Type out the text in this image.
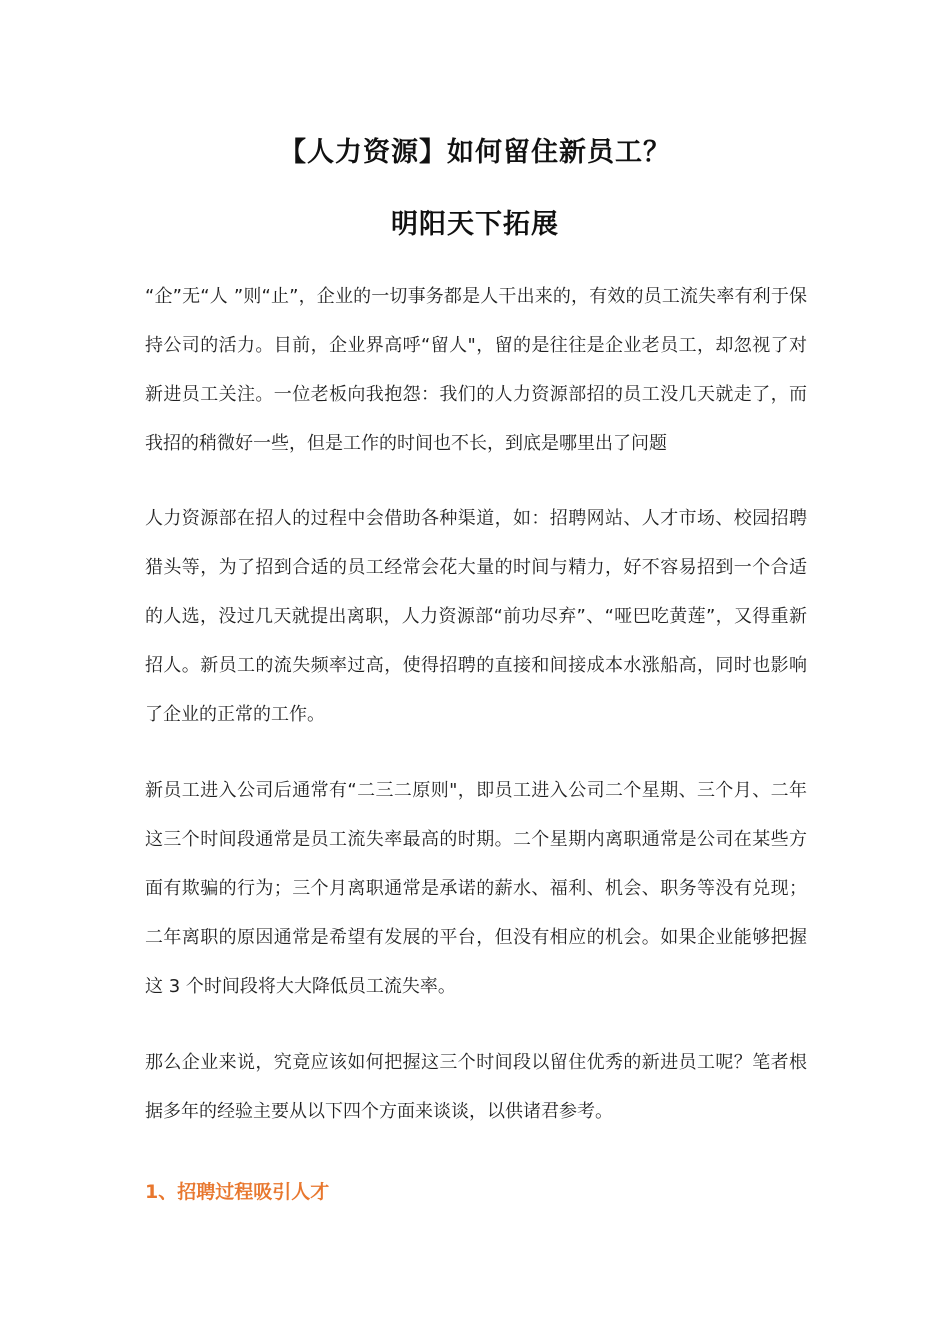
【人力资源】如何留住新员工？
明阳天下拓展

“企”无“人 ”则“止”，企业的一切事务都是人干出来的，有效的员工流失率有利于保持公司的活力。目前，企业界高呼“留人"，留的是往往是企业老员工，却忽视了对新进员工关注。一位老板向我抱怨：我们的人力资源部招的员工没几天就走了，而我招的稍微好一些，但是工作的时间也不长，到底是哪里出了问题

人力资源部在招人的过程中会借助各种渠道，如：招聘网站、人才市场、校园招聘猎头等，为了招到合适的员工经常会花大量的时间与精力，好不容易招到一个合适的人选，没过几天就提出离职，人力资源部“前功尽弃”、“哑巴吃黄莲”，又得重新招人。新员工的流失频率过高，使得招聘的直接和间接成本水涨船高，同时也影响了企业的正常的工作。

新员工进入公司后通常有“二三二原则"，即员工进入公司二个星期、三个月、二年这三个时间段通常是员工流失率最高的时期。二个星期内离职通常是公司在某些方面有欺骗的行为；三个月离职通常是承诺的薪水、福利、机会、职务等没有兑现；二年离职的原因通常是希望有发展的平台，但没有相应的机会。如果企业能够把握这 3 个时间段将大大降低员工流失率。

那么企业来说，究竟应该如何把握这三个时间段以留住优秀的新进员工呢？笔者根据多年的经验主要从以下四个方面来谈谈，以供诸君参考。

1、招聘过程吸引人才
